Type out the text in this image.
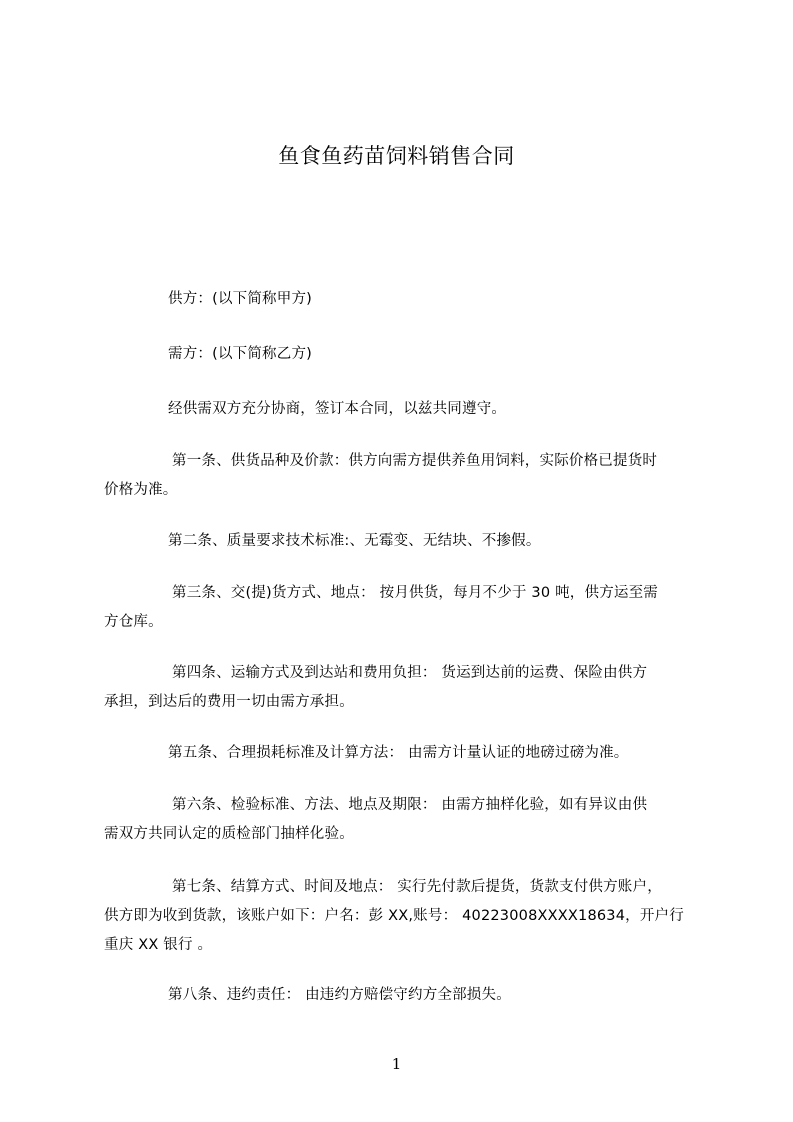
鱼食鱼药苗饲料销售合同
供方：(以下简称甲方)
需方：(以下简称乙方)
经供需双方充分协商，签订本合同，以兹共同遵守。
第一条、供货品种及价款：供方向需方提供养鱼用饲料，实际价格已提货时
价格为准。
第二条、质量要求技术标准:、无霉变、无结块、不掺假。
第三条、交(提)货方式、地点： 按月供货，每月不少于 30 吨，供方运至需
方仓库。
第四条、运输方式及到达站和费用负担： 货运到达前的运费、保险由供方
承担，到达后的费用一切由需方承担。
第五条、合理损耗标准及计算方法： 由需方计量认证的地磅过磅为准。
第六条、检验标准、方法、地点及期限： 由需方抽样化验，如有异议由供
需双方共同认定的质检部门抽样化验。
第七条、结算方式、时间及地点： 实行先付款后提货，货款支付供方账户，
供方即为收到货款，该账户如下：户名：彭 XX,账号： 40223008XXXX18634，开户行
重庆 XX 银行 。
第八条、违约责任： 由违约方赔偿守约方全部损失。
1
